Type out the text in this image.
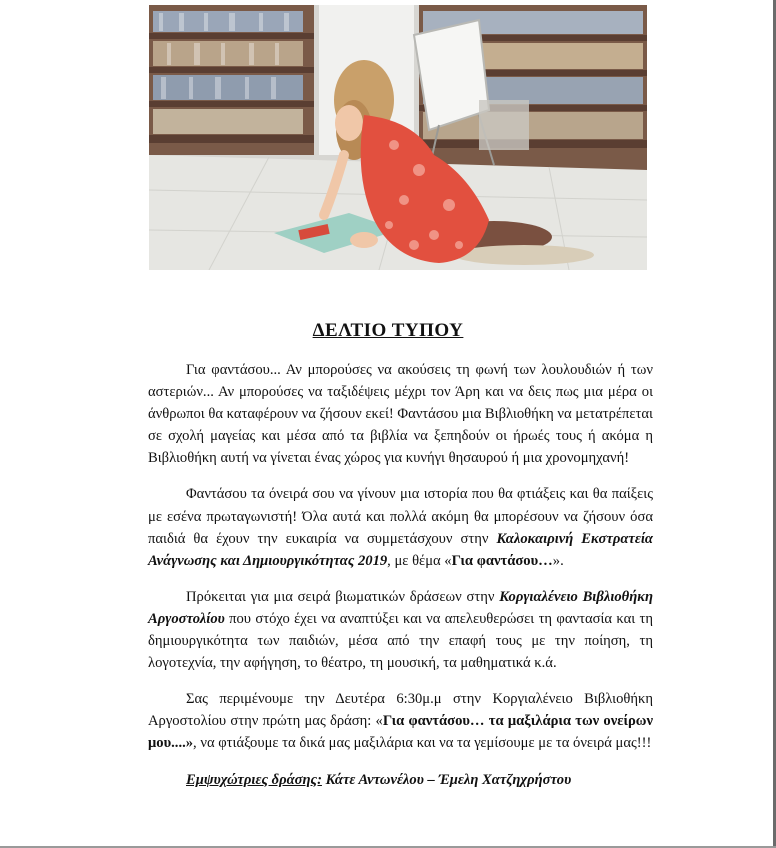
ΔΕΛΤΙΟ ΤΥΠΟΥ

Για φαντάσου... Αν μπορούσες να ακούσεις τη φωνή των λουλουδιών ή των αστεριών... Αν μπορούσες να ταξιδέψεις μέχρι τον Άρη και να δεις πως μια μέρα οι άνθρωποι θα καταφέρουν να ζήσουν εκεί! Φαντάσου μια Βιβλιοθήκη να μετατρέπεται σε σχολή μαγείας και μέσα από τα βιβλία να ξεπηδούν οι ήρωές τους ή ακόμα η Βιβλιοθήκη αυτή να γίνεται ένας χώρος για κυνήγι θησαυρού ή μια χρονομηχανή!

Φαντάσου τα όνειρά σου να γίνουν μια ιστορία που θα φτιάξεις και θα παίξεις με εσένα πρωταγωνιστή! Όλα αυτά και πολλά ακόμη θα μπορέσουν να ζήσουν όσα παιδιά θα έχουν την ευκαιρία να συμμετάσχουν στην Καλοκαιρινή Εκστρατεία Ανάγνωσης και Δημιουργικότητας 2019, με θέμα «Για φαντάσου…».

Πρόκειται για μια σειρά βιωματικών δράσεων στην Κοργιαλένειο Βιβλιοθήκη Αργοστολίου που στόχο έχει να αναπτύξει και να απελευθερώσει τη φαντασία και τη δημιουργικότητα των παιδιών, μέσα από την επαφή τους με την ποίηση, τη λογοτεχνία, την αφήγηση, το θέατρο, τη μουσική, τα μαθηματικά κ.ά.

Σας περιμένουμε την Δευτέρα 6:30μ.μ στην Κοργιαλένειο Βιβλιοθήκη Αργοστολίου στην πρώτη μας δράση: «Για φαντάσου… τα μαξιλάρια των ονείρων μου....», να φτιάξουμε τα δικά μας μαξιλάρια και να τα γεμίσουμε με τα όνειρά μας!!!

Εμψυχώτριες δράσης: Κάτε Αντωνέλου – Έμελη Χατζηχρήστου
